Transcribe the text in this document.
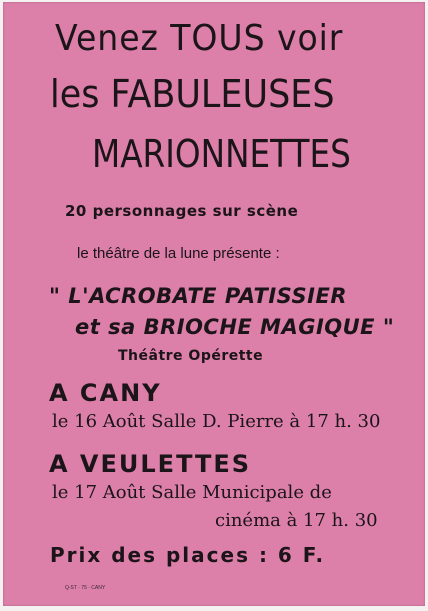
Venez TOUS voir
les FABULEUSES
MARIONNETTES
20 personnages sur scène
le théâtre de la lune présente :
" L'ACROBATE PATISSIER
et sa BRIOCHE MAGIQUE "
Théâtre Opérette
A CANY
le 16 Août Salle D. Pierre à 17 h. 30
A VEULETTES
le 17 Août Salle Municipale de
cinéma à 17 h. 30
Prix des places : 6 F.
Q-ST · 75 · CANY
